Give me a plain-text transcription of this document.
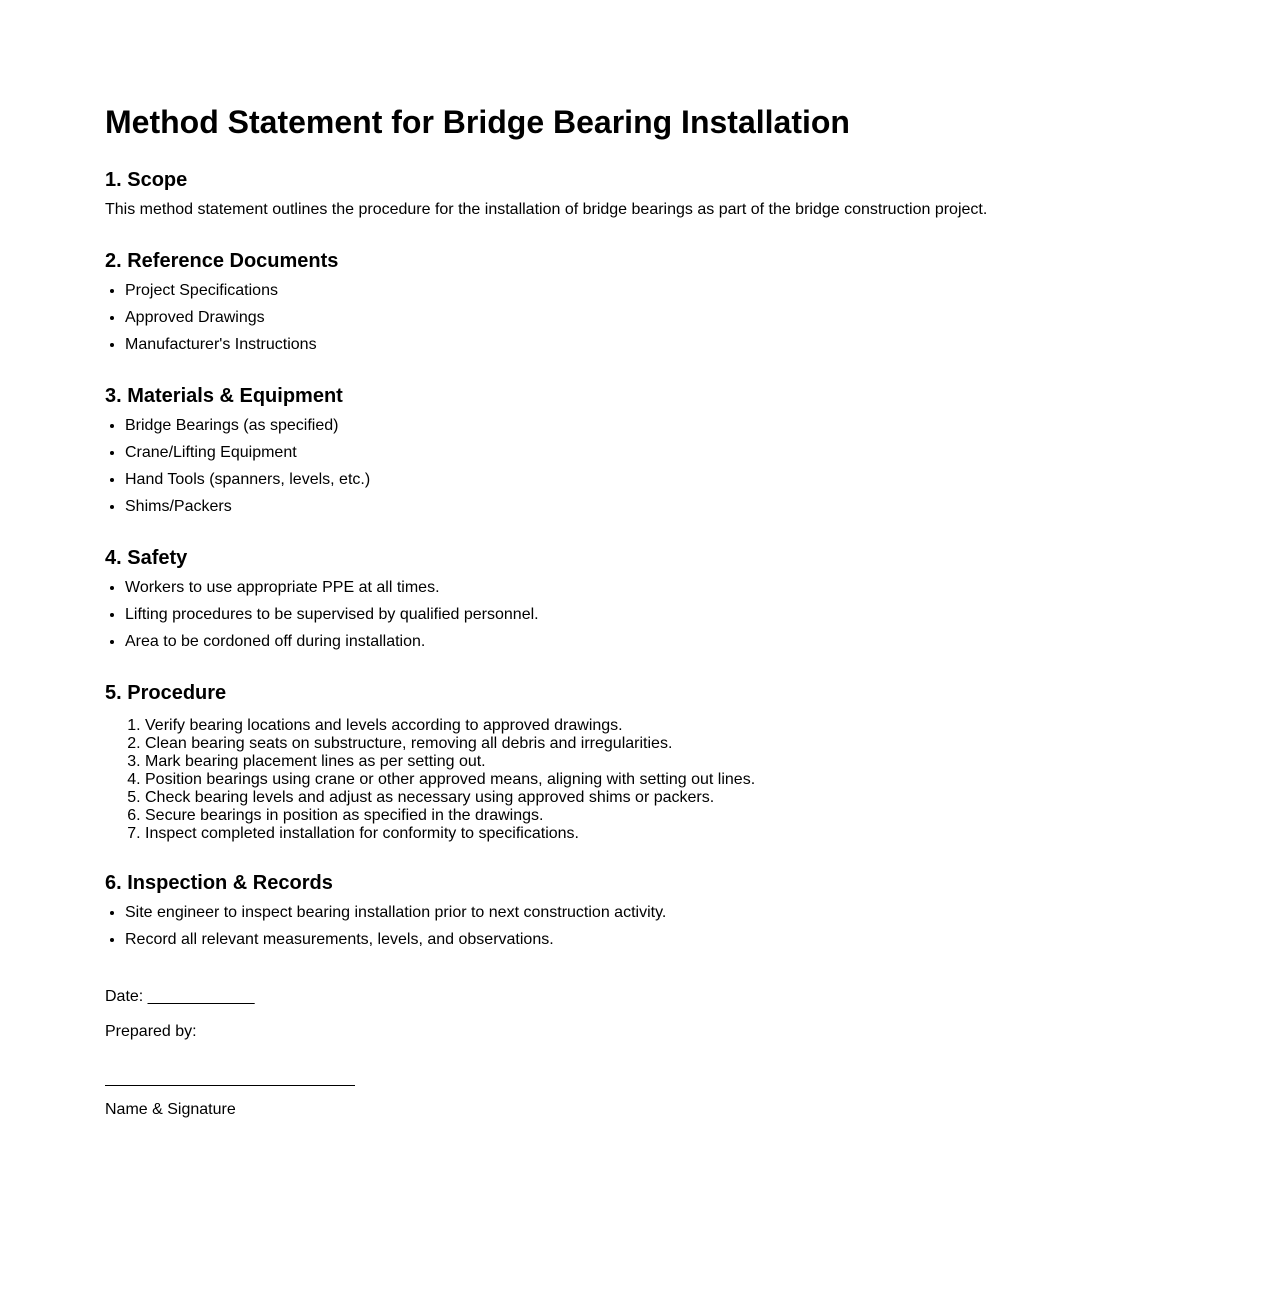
Method Statement for Bridge Bearing Installation
1. Scope

This method statement outlines the procedure for the installation of bridge bearings as part of the bridge construction project.

2. Reference Documents
• Project Specifications
• Approved Drawings
• Manufacturer's Instructions
3. Materials & Equipment
• Bridge Bearings (as specified)
• Crane/Lifting Equipment
• Hand Tools (spanners, levels, etc.)
• Shims/Packers
4. Safety
• Workers to use appropriate PPE at all times.
• Lifting procedures to be supervised by qualified personnel.
• Area to be cordoned off during installation.
5. Procedure
1. Verify bearing locations and levels according to approved drawings.
2. Clean bearing seats on substructure, removing all debris and irregularities.
3. Mark bearing placement lines as per setting out.
4. Position bearings using crane or other approved means, aligning with setting out lines.
5. Check bearing levels and adjust as necessary using approved shims or packers.
6. Secure bearings in position as specified in the drawings.
7. Inspect completed installation for conformity to specifications.
6. Inspection & Records
• Site engineer to inspect bearing installation prior to next construction activity.
• Record all relevant measurements, levels, and observations.

Date: ____________

Prepared by:

Name & Signature
